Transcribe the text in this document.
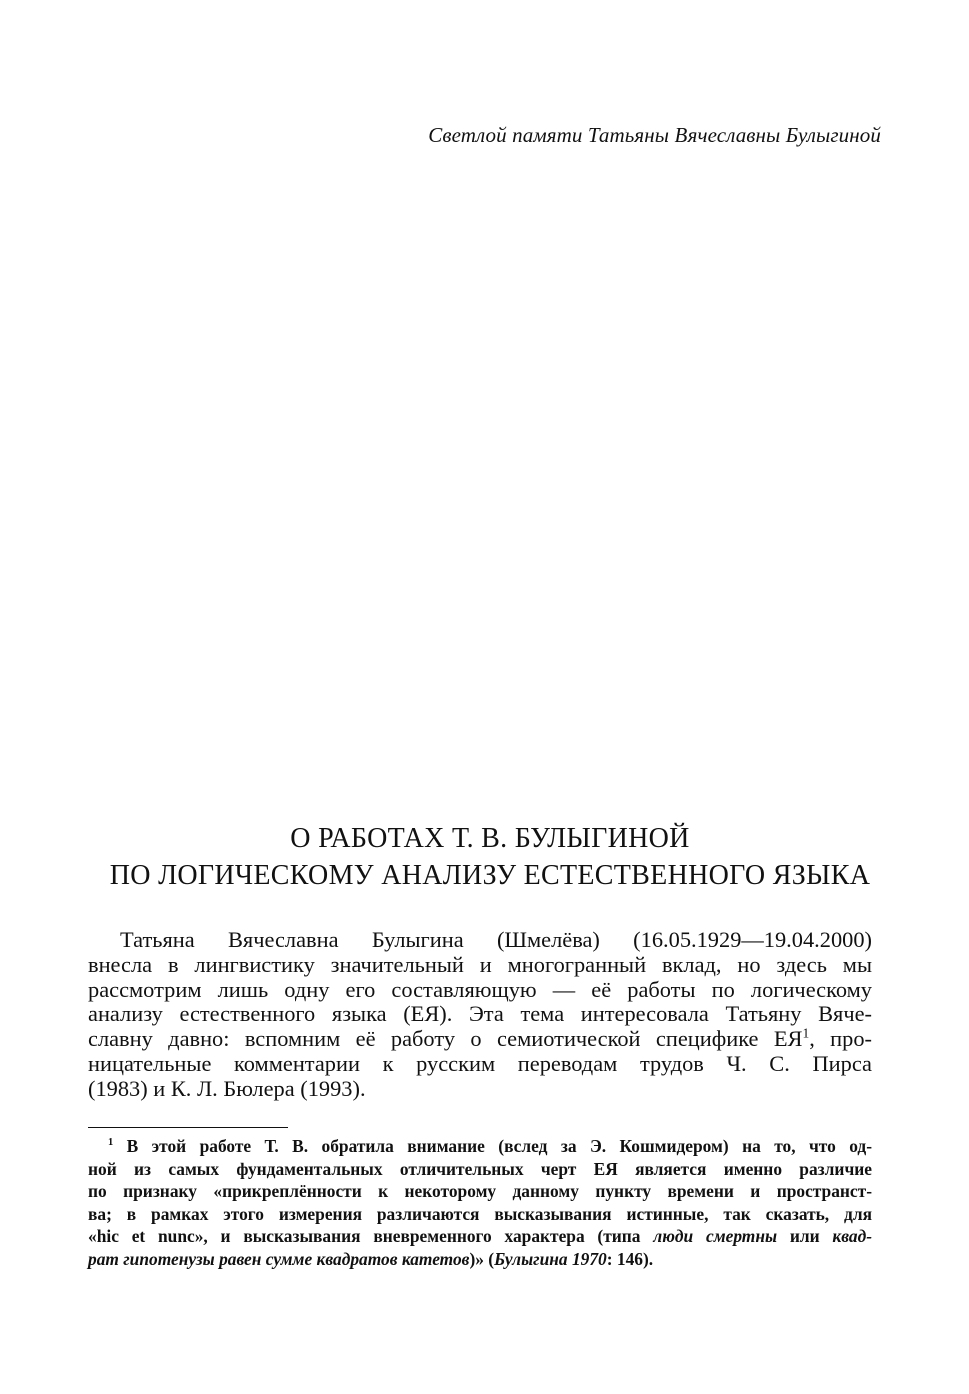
Светлой памяти Татьяны Вячеславны Булыгиной
О РАБОТАХ Т. В. БУЛЫГИНОЙ
ПО ЛОГИЧЕСКОМУ АНАЛИЗУ ЕСТЕСТВЕННОГО ЯЗЫКА
Татьяна Вячеславна Булыгина (Шмелёва) (16.05.1929—19.04.2000)
внесла в лингвистику значительный и многогранный вклад, но здесь мы
рассмотрим лишь одну его составляющую — её работы по логическому
анализу естественного языка (ЕЯ). Эта тема интересовала Татьяну Вяче-
славну давно: вспомним её работу о семиотической специфике $ЕЯ^1$, про-
ницательные комментарии к русским переводам трудов Ч. С. Пирса
(1983) и К. Л. Бюлера (1993).
$^1$ В этой работе Т. В. обратила внимание (вслед за Э. Кошмидером) на то, что од-
ной из самых фундаментальных отличительных черт ЕЯ является именно различие
по признаку «прикреплённости к некоторому данному пункту времени и пространст-
ва; в рамках этого измерения различаются высказывания истинные, так сказать, для
«hic et nunc», и высказывания вневременного характера (типа люди смертны или квад-
рат гипотенузы равен сумме квадратов катетов)» (Булыгина 1970: 146).
